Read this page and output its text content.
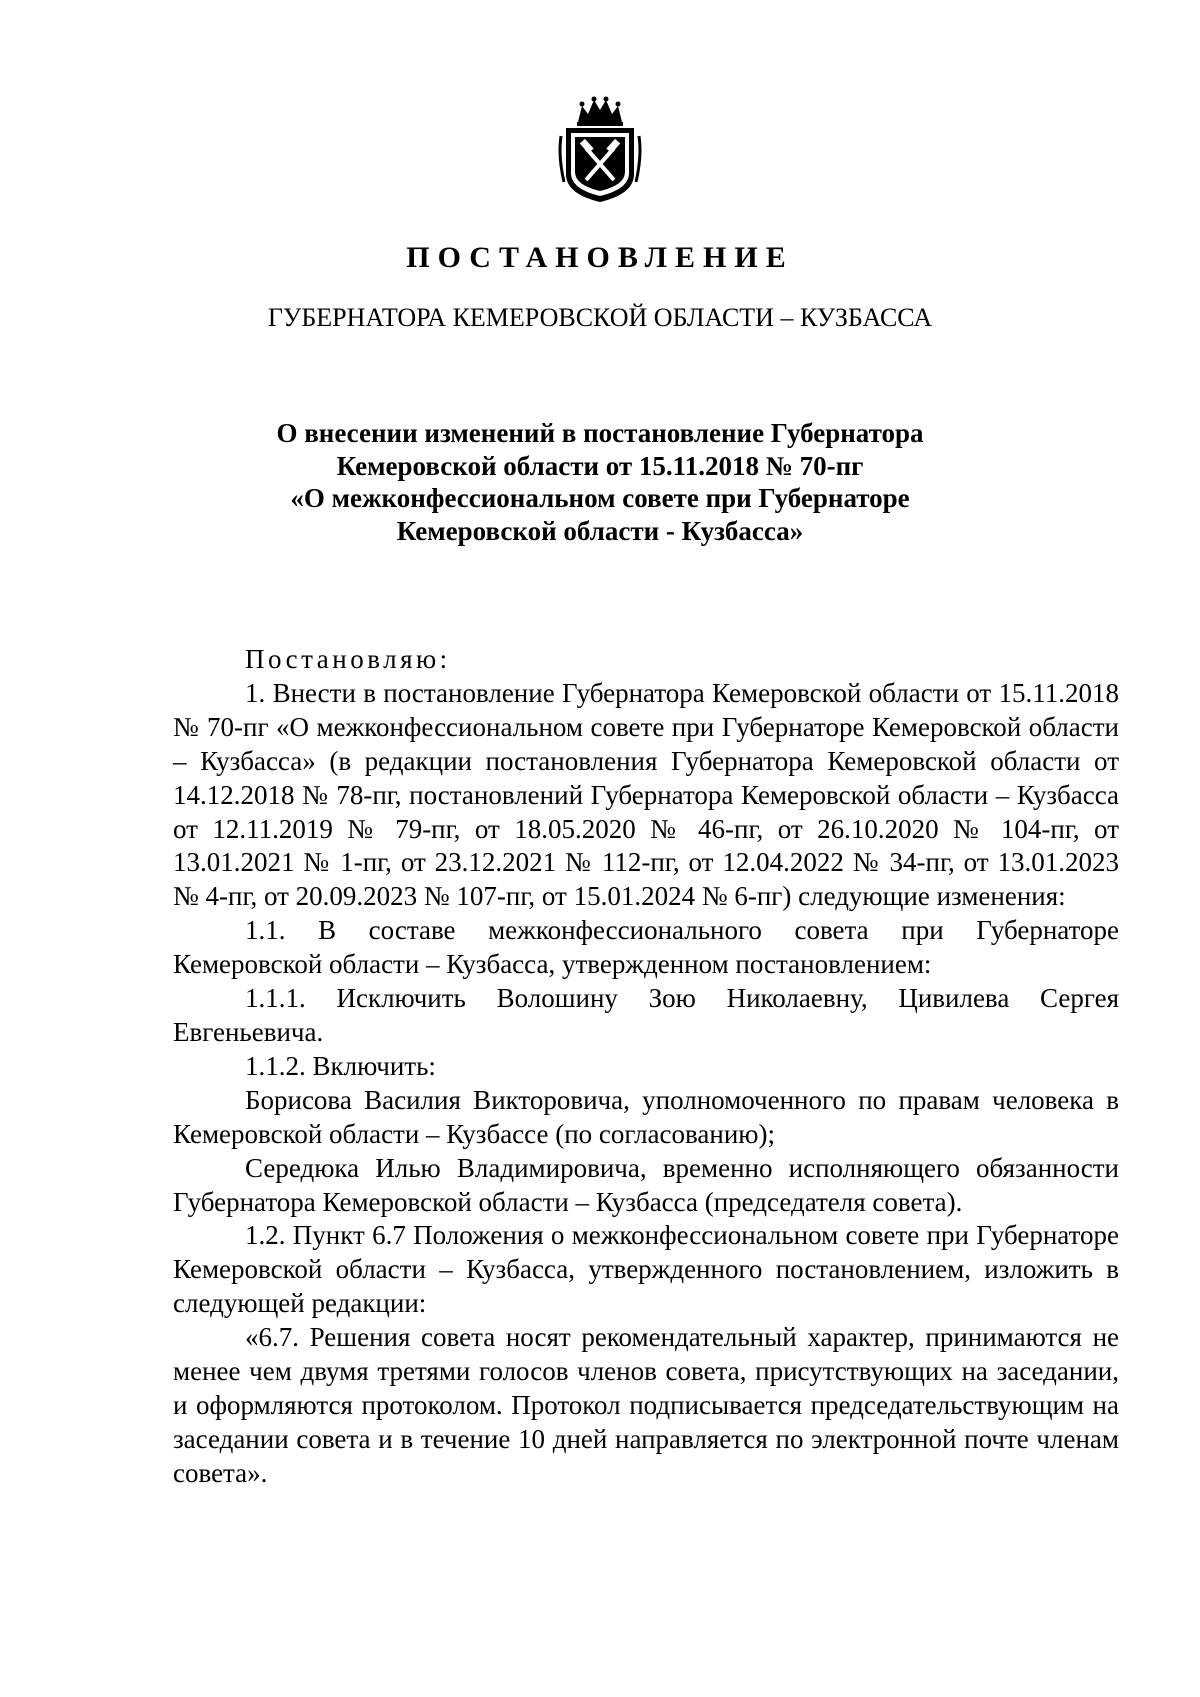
ПОСТАНОВЛЕНИЕ
ГУБЕРНАТОРА КЕМЕРОВСКОЙ ОБЛАСТИ – КУЗБАССА
О внесении изменений в постановление Губернатора
Кемеровской области от 15.11.2018 № 70-пг
«О межконфессиональном совете при Губернаторе
Кемеровской области - Кузбасса»

Постановляю:

1. Внести в постановление Губернатора Кемеровской области от 15.11.2018 № 70-пг «О межконфессиональном совете при Губернаторе Кемеровской области – Кузбасса» (в редакции постановления Губернатора Кемеровской области от 14.12.2018 № 78-пг, постановлений Губернатора Кемеровской области – Кузбасса от 12.11.2019 № 79-пг, от 18.05.2020 № 46-пг, от 26.10.2020 № 104-пг, от 13.01.2021 № 1-пг, от 23.12.2021 № 112-пг, от 12.04.2022 № 34-пг, от 13.01.2023 № 4-пг, от 20.09.2023 № 107-пг, от 15.01.2024 № 6-пг) следующие изменения:

1.1. В составе межконфессионального совета при Губернаторе Кемеровской области – Кузбасса, утвержденном постановлением:

1.1.1. Исключить Волошину Зою Николаевну, Цивилева Сергея Евгеньевича.

1.1.2. Включить:

Борисова Василия Викторовича, уполномоченного по правам человека в Кемеровской области – Кузбассе (по согласованию);

Середюка Илью Владимировича, временно исполняющего обязанности Губернатора Кемеровской области – Кузбасса (председателя совета).

1.2. Пункт 6.7 Положения о межконфессиональном совете при Губернаторе Кемеровской области – Кузбасса, утвержденного постановлением, изложить в следующей редакции:

«6.7. Решения совета носят рекомендательный характер, принимаются не менее чем двумя третями голосов членов совета, присутствующих на заседании, и оформляются протоколом. Протокол подписывается председательствующим на заседании совета и в течение 10 дней направляется по электронной почте членам совета».
